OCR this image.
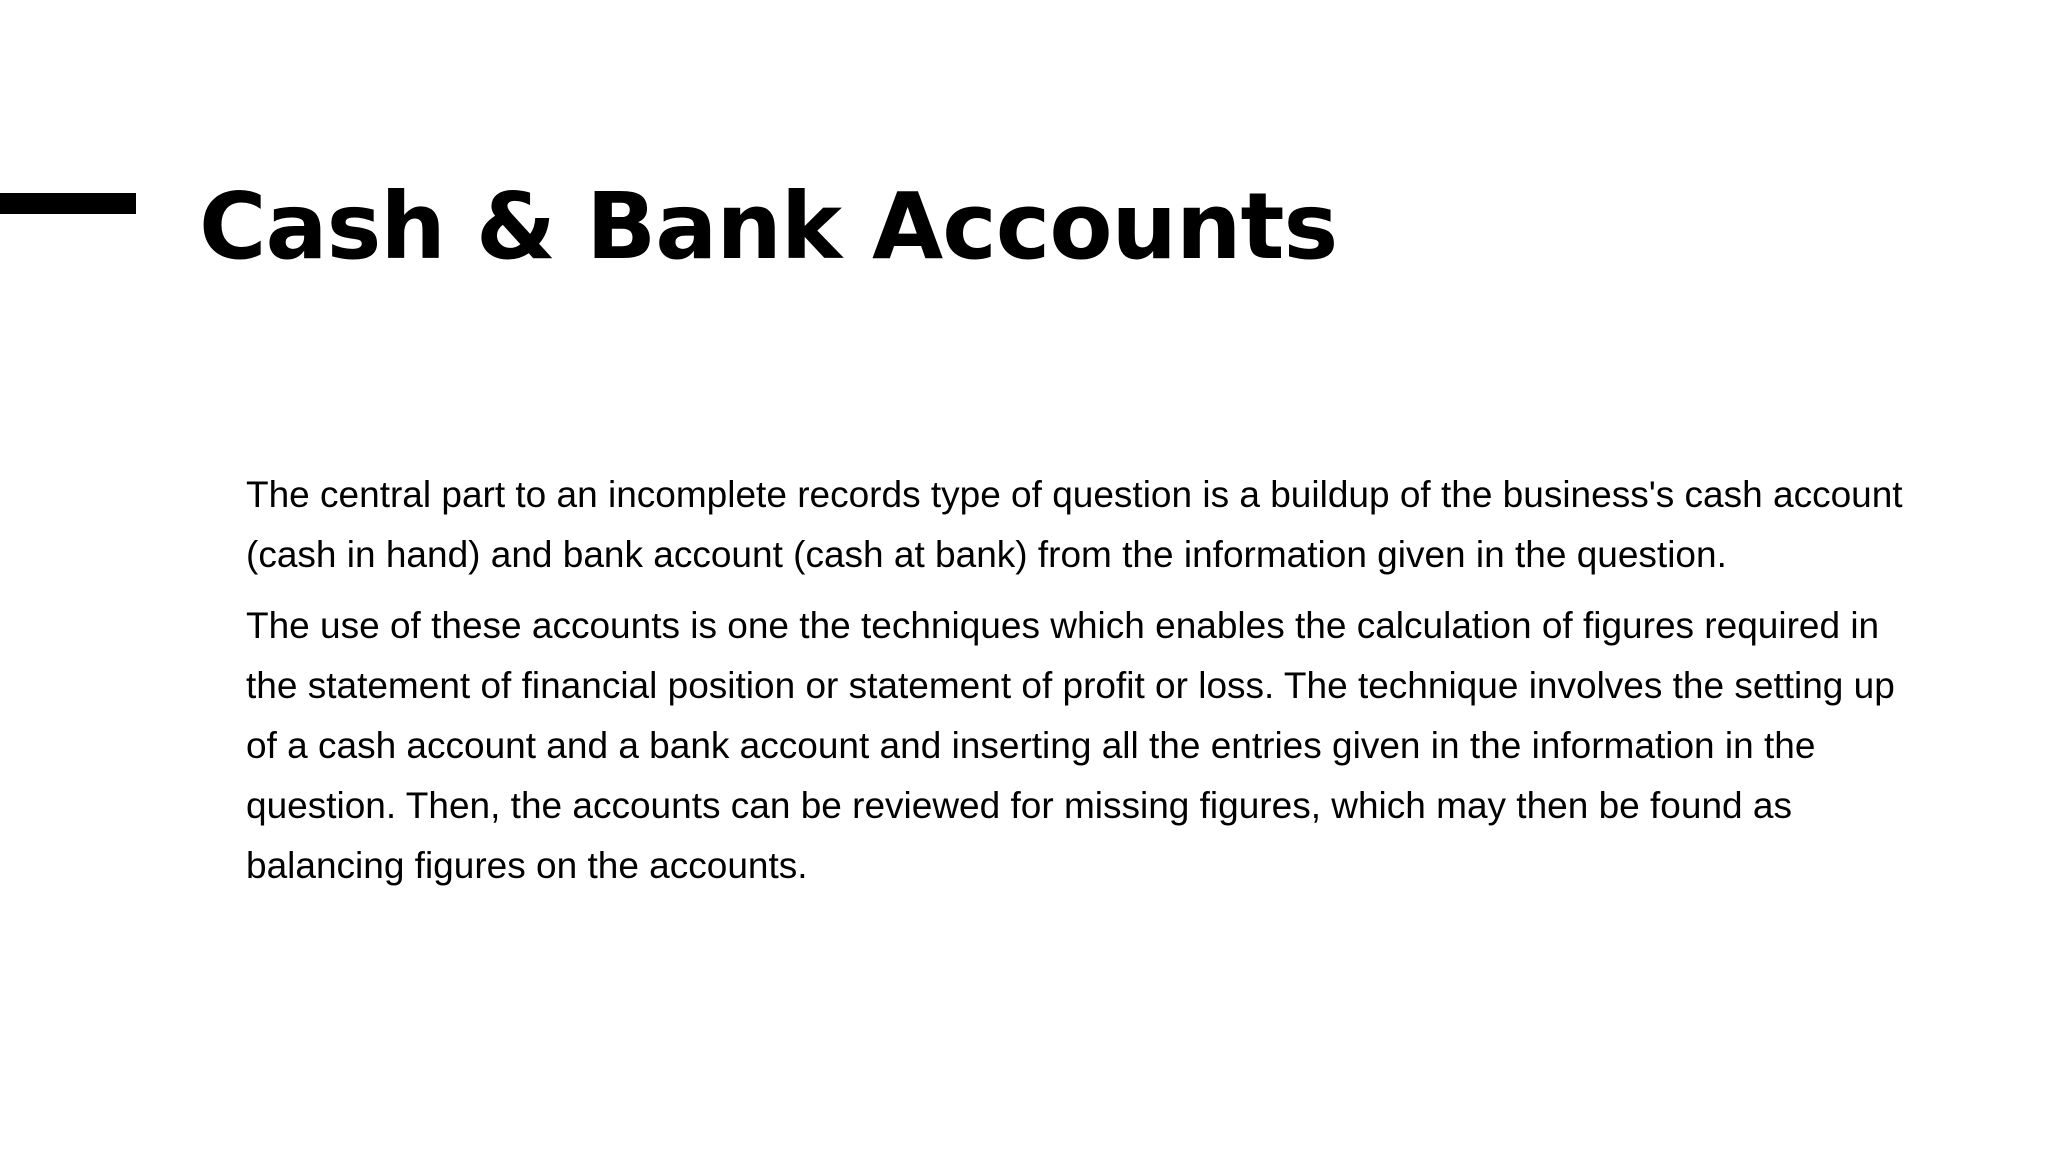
Cash & Bank Accounts

The central part to an incomplete records type of question is a buildup of the business's cash account (cash in hand) and bank account (cash at bank) from the information given in the question.

The use of these accounts is one the techniques which enables the calculation of figures required in the statement of financial position or statement of profit or loss. The technique involves the setting up of a cash account and a bank account and inserting all the entries given in the information in the question. Then, the accounts can be reviewed for missing figures, which may then be found as balancing figures on the accounts.
